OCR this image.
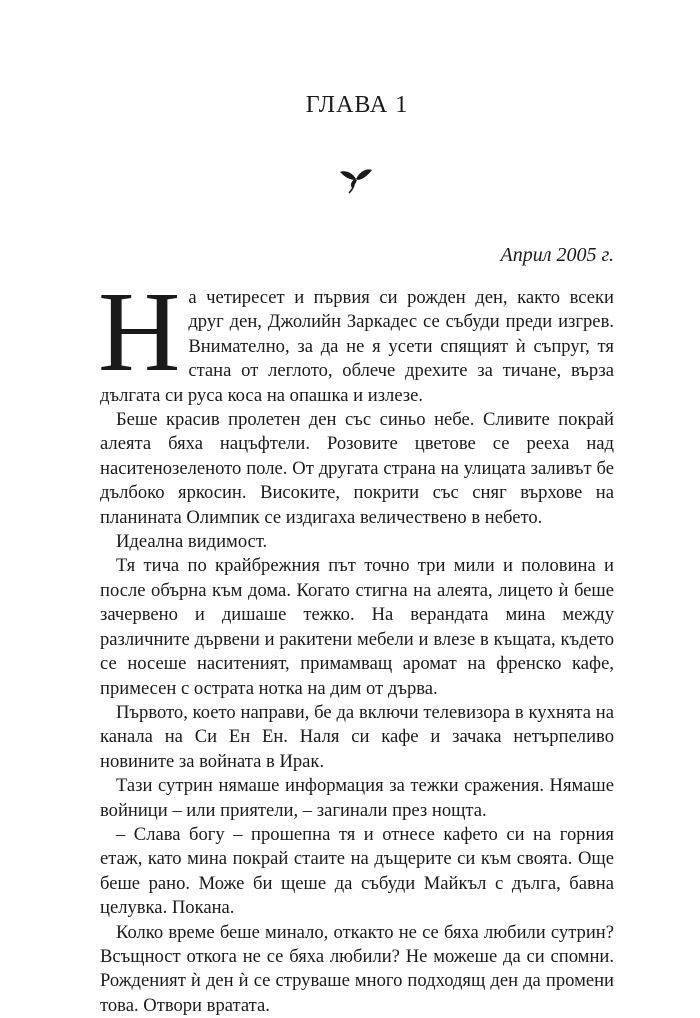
ГЛАВА 1
Април 2005 г.

На четиресет и първия си рожден ден, както всеки друг ден, Джолийн Заркадес се събуди преди изгрев. Внимателно, за да не я усети спящият ѝ съпруг, тя стана от леглото, облече дрехите за тичане, върза дългата си руса коса на опашка и излезе.

Беше красив пролетен ден със синьо небе. Сливите покрай алеята бяха нацъфтели. Розовите цветове се рееха над наситенозеленото поле. От другата страна на улицата заливът бе дълбоко яркосин. Високите, покрити със сняг върхове на планината Олимпик се издигаха величествено в небето.

Идеална видимост.

Тя тича по крайбрежния път точно три мили и половина и после обърна към дома. Когато стигна на алеята, лицето ѝ беше зачервено и дишаше тежко. На верандата мина между различните дървени и ракитени мебели и влезе в къщата, където се носеше наситеният, примамващ аромат на френско кафе, примесен с острата нотка на дим от дърва.

Първото, което направи, бе да включи телевизора в кухнята на канала на Си Ен Ен. Наля си кафе и зачака нетърпеливо новините за войната в Ирак.

Тази сутрин нямаше информация за тежки сражения. Нямаше войници – или приятели, – загинали през нощта.

– Слава богу – прошепна тя и отнесе кафето си на горния етаж, като мина покрай стаите на дъщерите си към своята. Още беше рано. Може би щеше да събуди Майкъл с дълга, бавна целувка. Покана.

Колко време беше минало, откакто не се бяха любили сутрин? Всъщност откога не се бяха любили? Не можеше да си спомни. Рожденият ѝ ден ѝ се струваше много подходящ ден да промени това. Отвори вратата.
